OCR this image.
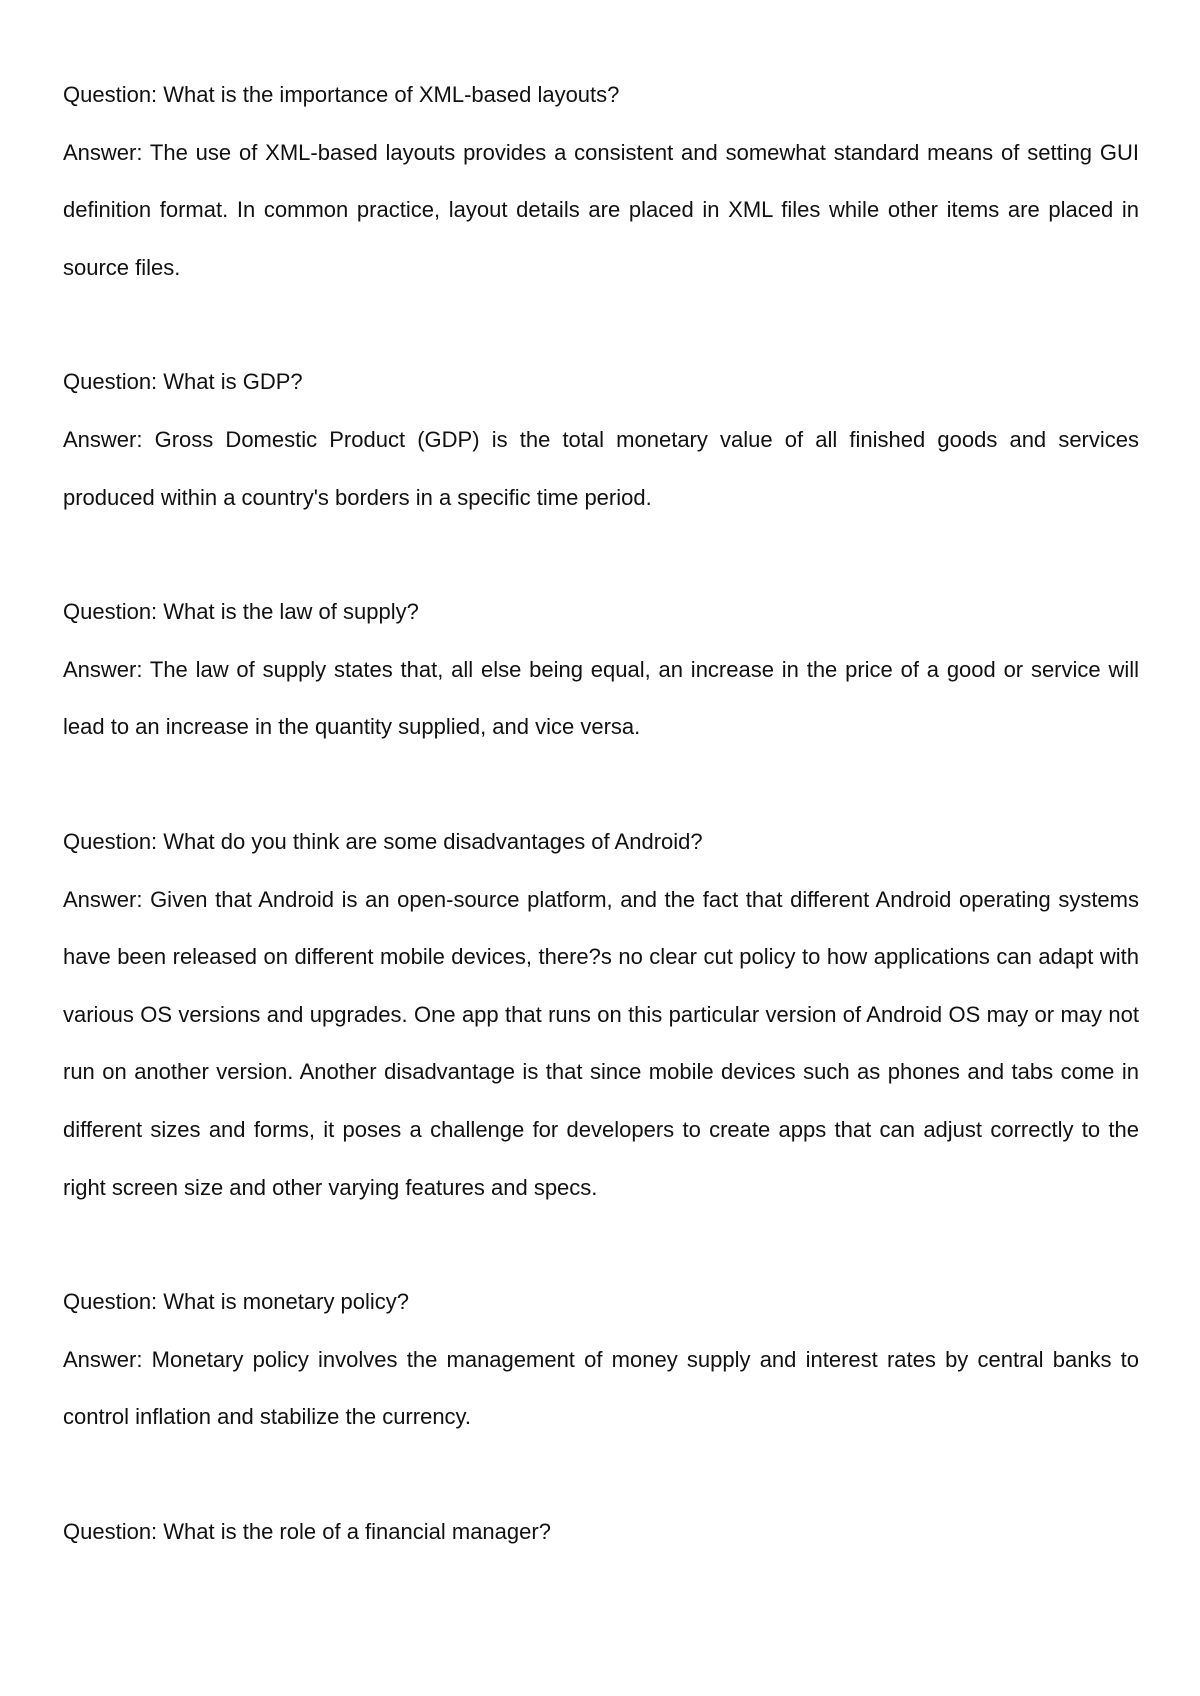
Question: What is the importance of XML-based layouts?

Answer: The use of XML-based layouts provides a consistent and somewhat standard means of setting GUI definition format. In common practice, layout details are placed in XML files while other items are placed in source files.

Question: What is GDP?

Answer: Gross Domestic Product (GDP) is the total monetary value of all finished goods and services produced within a country's borders in a specific time period.

Question: What is the law of supply?

Answer: The law of supply states that, all else being equal, an increase in the price of a good or service will lead to an increase in the quantity supplied, and vice versa.

Question: What do you think are some disadvantages of Android?

Answer: Given that Android is an open-source platform, and the fact that different Android operating systems have been released on different mobile devices, there?s no clear cut policy to how applications can adapt with various OS versions and upgrades. One app that runs on this particular version of Android OS may or may not run on another version. Another disadvantage is that since mobile devices such as phones and tabs come in different sizes and forms, it poses a challenge for developers to create apps that can adjust correctly to the right screen size and other varying features and specs.

Question: What is monetary policy?

Answer: Monetary policy involves the management of money supply and interest rates by central banks to control inflation and stabilize the currency.

Question: What is the role of a financial manager?
